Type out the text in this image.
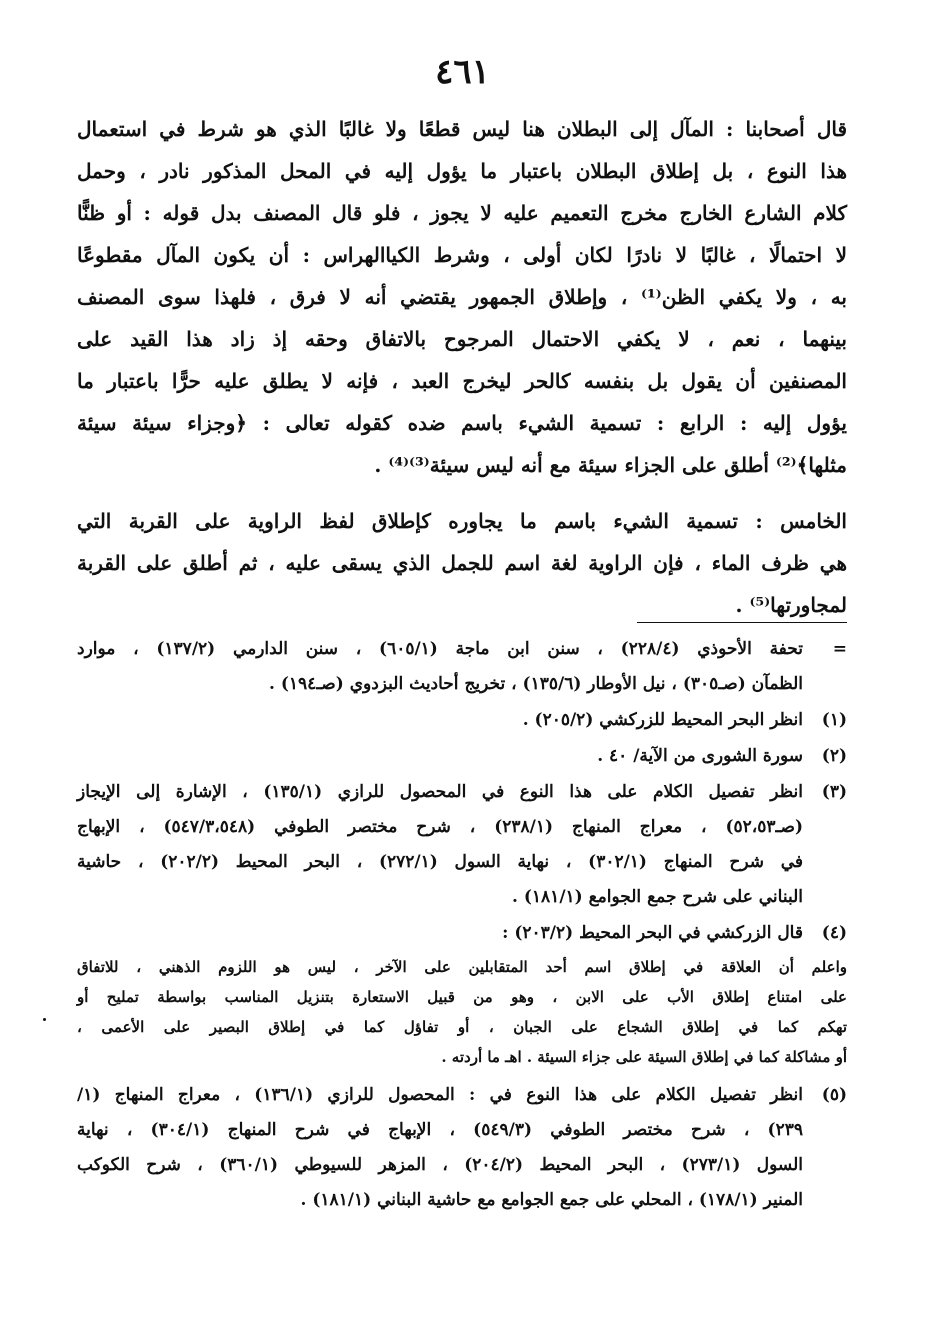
٤٦١
قال أصحابنا : المآل إلى البطلان هنا ليس قطعًا ولا غالبًا الذي هو شرط في استعمال
هذا النوع ، بل إطلاق البطلان باعتبار ما يؤول إليه في المحل المذكور نادر ، وحمل
كلام الشارع الخارج مخرج التعميم عليه لا يجوز ، فلو قال المصنف بدل قوله : أو ظنًّا
لا احتمالًا ، غالبًا لا نادرًا لكان أولى ، وشرط الكياالهراس : أن يكون المآل مقطوعًا
به ، ولا يكفي الظن⁽¹⁾ ، وإطلاق الجمهور يقتضي أنه لا فرق ، فلهذا سوى المصنف
بينهما ، نعم ، لا يكفي الاحتمال المرجوح بالاتفاق وحقه إذ زاد هذا القيد على
المصنفين أن يقول بل بنفسه كالحر ليخرج العبد ، فإنه لا يطلق عليه حرًّا باعتبار ما
يؤول إليه : الرابع : تسمية الشيء باسم ضده كقوله تعالى : ﴿وجزاء سيئة سيئة
مثلها﴾⁽²⁾ أطلق على الجزاء سيئة مع أنه ليس سيئة⁽³⁾⁽⁴⁾ .
الخامس : تسمية الشيء باسم ما يجاوره كإطلاق لفظ الراوية على القربة التي
هي ظرف الماء ، فإن الراوية لغة اسم للجمل الذي يسقى عليه ، ثم أطلق على القربة
لمجاورتها⁽⁵⁾ .
=
تحفة الأحوذي (٢٢٨/٤) ، سنن ابن ماجة (٦٠٥/١) ، سنن الدارمي (١٣٧/٢) ، موارد
الظمآن (صـ٣٠٥) ، نيل الأوطار (١٣٥/٦) ، تخريج أحاديث البزدوي (صـ١٩٤) .
(١)
انظر البحر المحيط للزركشي (٢٠٥/٢) .
(٢)
سورة الشورى من الآية/ ٤٠ .
(٣)
انظر تفصيل الكلام على هذا النوع في المحصول للرازي (١٣٥/١) ، الإشارة إلى الإيجاز
(صـ٥٢،٥٣) ، معراج المنهاج (٢٣٨/١) ، شرح مختصر الطوفي (٥٤٧/٣،٥٤٨) ، الإبهاج
في شرح المنهاج (٣٠٢/١) ، نهاية السول (٢٧٢/١) ، البحر المحيط (٢٠٢/٢) ، حاشية
البناني على شرح جمع الجوامع (١٨١/١) .
(٤)
قال الزركشي في البحر المحيط (٢٠٣/٢) :
واعلم أن العلاقة في إطلاق اسم أحد المتقابلين على الآخر ، ليس هو اللزوم الذهني ، للاتفاق
على امتناع إطلاق الأب على الابن ، وهو من قبيل الاستعارة بتنزيل المناسب بواسطة تمليح أو
تهكم كما في إطلاق الشجاع على الجبان ، أو تفاؤل كما في إطلاق البصير على الأعمى ،
أو مشاكلة كما في إطلاق السيئة على جزاء السيئة . اهـ ما أردته .
(٥)
انظر تفصيل الكلام على هذا النوع في : المحصول للرازي (١٣٦/١) ، معراج المنهاج (١/
٢٣٩) ، شرح مختصر الطوفي (٥٤٩/٣) ، الإبهاج في شرح المنهاج (٣٠٤/١) ، نهاية
السول (٢٧٣/١) ، البحر المحيط (٢٠٤/٢) ، المزهر للسيوطي (٣٦٠/١) ، شرح الكوكب
المنير (١٧٨/١) ، المحلي على جمع الجوامع مع حاشية البناني (١٨١/١) .
